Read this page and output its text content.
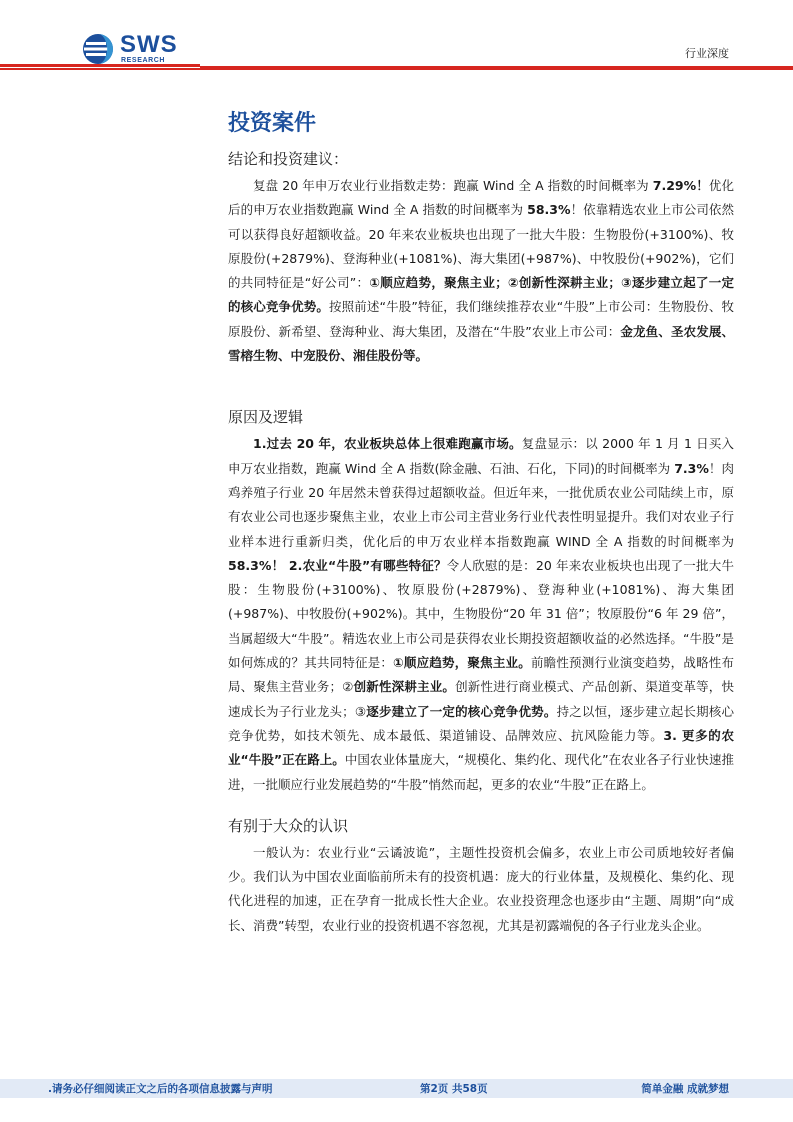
SWS
RESEARCH	行业深度
投资案件
结论和投资建议：

复盘 20 年申万农业行业指数走势：跑赢 Wind 全 A 指数的时间概率为 7.29%！优化后的申万农业指数跑赢 Wind 全 A 指数的时间概率为 58.3%！依靠精选农业上市公司依然可以获得良好超额收益。20 年来农业板块也出现了一批大牛股：生物股份(+3100%)、牧原股份(+2879%)、登海种业(+1081%)、海大集团(+987%)、中牧股份(+902%)，它们的共同特征是“好公司”：①顺应趋势，聚焦主业；②创新性深耕主业；③逐步建立起了一定的核心竞争优势。按照前述“牛股”特征，我们继续推荐农业“牛股”上市公司：生物股份、牧原股份、新希望、登海种业、海大集团，及潜在“牛股”农业上市公司：金龙鱼、圣农发展、雪榕生物、中宠股份、湘佳股份等。

原因及逻辑

1.过去 20 年，农业板块总体上很难跑赢市场。复盘显示：以 2000 年 1 月 1 日买入申万农业指数，跑赢 Wind 全 A 指数(除金融、石油、石化，下同)的时间概率为 7.3%！肉鸡养殖子行业 20 年居然未曾获得过超额收益。但近年来，一批优质农业公司陆续上市，原有农业公司也逐步聚焦主业，农业上市公司主营业务行业代表性明显提升。我们对农业子行业样本进行重新归类，优化后的申万农业样本指数跑赢 WIND 全 A 指数的时间概率为 58.3%！ 2.农业“牛股”有哪些特征？令人欣慰的是：20 年来农业板块也出现了一批大牛股：生物股份(+3100%)、牧原股份(+2879%)、登海种业(+1081%)、海大集团(+987%)、中牧股份(+902%)。其中，生物股份“20 年 31 倍”；牧原股份“6 年 29 倍”，当属超级大“牛股”。精选农业上市公司是获得农业长期投资超额收益的必然选择。“牛股”是如何炼成的？其共同特征是：①顺应趋势，聚焦主业。前瞻性预测行业演变趋势，战略性布局、聚焦主营业务；②创新性深耕主业。创新性进行商业模式、产品创新、渠道变革等，快速成长为子行业龙头；③逐步建立了一定的核心竞争优势。持之以恒，逐步建立起长期核心竞争优势，如技术领先、成本最低、渠道铺设、品牌效应、抗风险能力等。3. 更多的农业“牛股”正在路上。中国农业体量庞大，“规模化、集约化、现代化”在农业各子行业快速推进，一批顺应行业发展趋势的“牛股”悄然而起，更多的农业“牛股”正在路上。

有别于大众的认识

一般认为：农业行业“云谲波诡”，主题性投资机会偏多，农业上市公司质地较好者偏少。我们认为中国农业面临前所未有的投资机遇：庞大的行业体量，及规模化、集约化、现代化进程的加速，正在孕育一批成长性大企业。农业投资理念也逐步由“主题、周期”向“成长、消费”转型，农业行业的投资机遇不容忽视，尤其是初露端倪的各子行业龙头企业。

.请务必仔细阅读正文之后的各项信息披露与声明	第2页 共58页	简单金融 成就梦想
